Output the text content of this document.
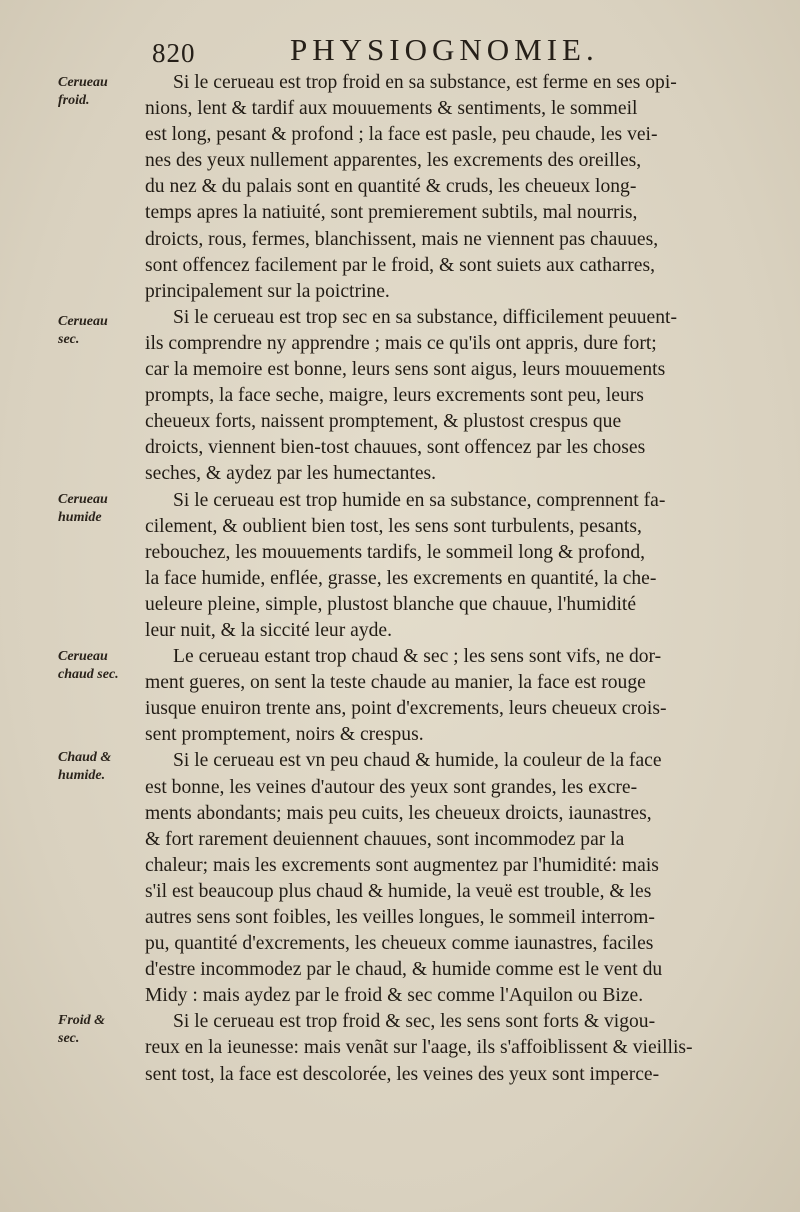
820	PHYSIOGNOMIE.
Cerueau
froid.
Cerueau
sec.
Cerueau
humide
Cerueau
chaud sec.
Chaud &
humide.
Froid &
sec.
Si le cerueau est trop froid en sa substance, est ferme en ses opi-
nions, lent & tardif aux mouuements & sentiments, le sommeil
est long, pesant & profond ; la face est pasle, peu chaude, les vei-
nes des yeux nullement apparentes, les excrements des oreilles,
du nez & du palais sont en quantité & cruds, les cheueux long-
temps apres la natiuité, sont premierement subtils, mal nourris,
droicts, rous, fermes, blanchissent, mais ne viennent pas chauues,
sont offencez facilement par le froid, & sont suiets aux catharres,
principalement sur la poictrine.
Si le cerueau est trop sec en sa substance, difficilement peuuent-
ils comprendre ny apprendre ; mais ce qu'ils ont appris, dure fort;
car la memoire est bonne, leurs sens sont aigus, leurs mouuements
prompts, la face seche, maigre, leurs excrements sont peu, leurs
cheueux forts, naissent promptement, & plustost crespus que
droicts, viennent bien-tost chauues, sont offencez par les choses
seches, & aydez par les humectantes.
Si le cerueau est trop humide en sa substance, comprennent fa-
cilement, & oublient bien tost, les sens sont turbulents, pesants,
rebouchez, les mouuements tardifs, le sommeil long & profond,
la face humide, enflée, grasse, les excrements en quantité, la che-
ueleure pleine, simple, plustost blanche que chauue, l'humidité
leur nuit, & la siccité leur ayde.
Le cerueau estant trop chaud & sec ; les sens sont vifs, ne dor-
ment gueres, on sent la teste chaude au manier, la face est rouge
iusque enuiron trente ans, point d'excrements, leurs cheueux crois-
sent promptement, noirs & crespus.
Si le cerueau est vn peu chaud & humide, la couleur de la face
est bonne, les veines d'autour des yeux sont grandes, les excre-
ments abondants; mais peu cuits, les cheueux droicts, iaunastres,
& fort rarement deuiennent chauues, sont incommodez par la
chaleur; mais les excrements sont augmentez par l'humidité: mais
s'il est beaucoup plus chaud & humide, la veuë est trouble, & les
autres sens sont foibles, les veilles longues, le sommeil interrom-
pu, quantité d'excrements, les cheueux comme iaunastres, faciles
d'estre incommodez par le chaud, & humide comme est le vent du
Midy : mais aydez par le froid & sec comme l'Aquilon ou Bize.
Si le cerueau est trop froid & sec, les sens sont forts & vigou-
reux en la ieunesse: mais venãt sur l'aage, ils s'affoiblissent & vieillis-
sent tost, la face est descolorée, les veines des yeux sont imperce-
